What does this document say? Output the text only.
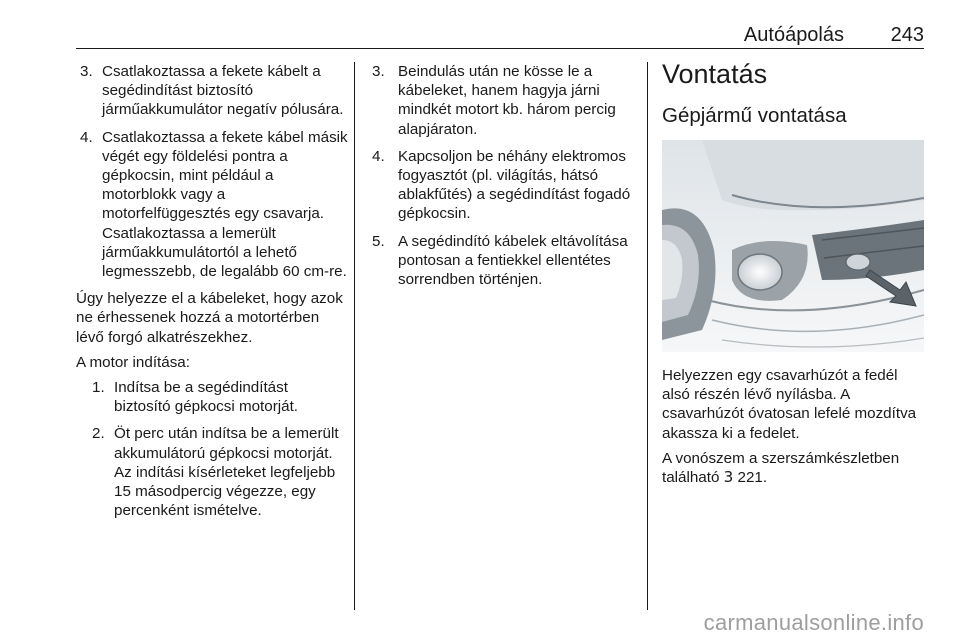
Autóápolás 243
3. Csatlakoztassa a fekete kábelt a segédindítást biztosító járműakkumulátor negatív pólusára.
4. Csatlakoztassa a fekete kábel másik végét egy földelési pontra a gépkocsin, mint például a motorblokk vagy a motorfelfüggesztés egy csavarja. Csatlakoztassa a lemerült járműakkumulátortól a lehető legmesszebb, de legalább 60 cm-re.

Úgy helyezze el a kábeleket, hogy azok ne érhessenek hozzá a motortérben lévő forgó alkatrészekhez.

A motor indítása:

1. Indítsa be a segédindítást biztosító gépkocsi motorját.
2. Öt perc után indítsa be a lemerült akkumulátorú gépkocsi motorját. Az indítási kísérleteket legfeljebb 15 másodpercig végezze, egy percenként ismételve.
3. Beindulás után ne kösse le a kábeleket, hanem hagyja járni mindkét motort kb. három percig alapjáraton.
4. Kapcsoljon be néhány elektromos fogyasztót (pl. világítás, hátsó ablakfűtés) a segédindítást fogadó gépkocsin.
5. A segédindító kábelek eltávolítása pontosan a fentiekkel ellentétes sorrendben történjen.
Vontatás
Gépjármű vontatása

Helyezzen egy csavarhúzót a fedél alsó részén lévő nyílásba. A csavarhúzót óvatosan lefelé mozdítva akassza ki a fedelet.

A vonószem a szerszámkészletben található 3 221.

carmanualsonline.info
